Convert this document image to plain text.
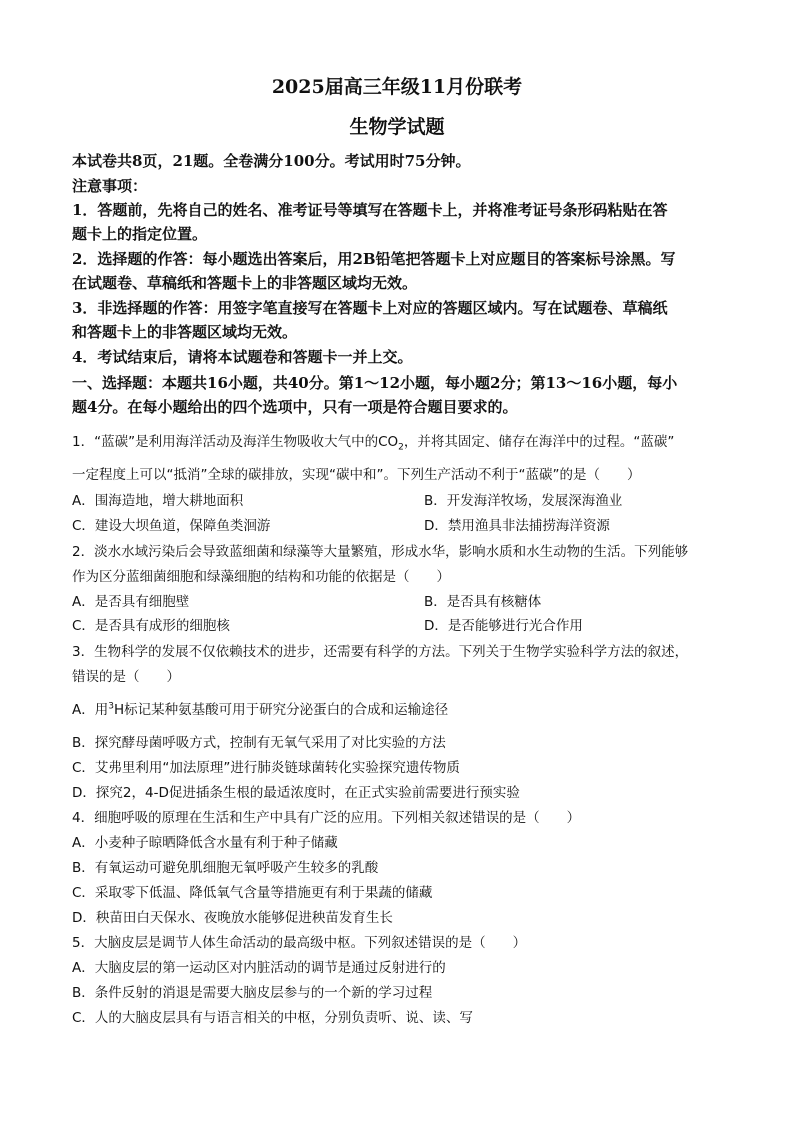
2025届高三年级11月份联考
生物学试题
本试卷共8页，21题。全卷满分100分。考试用时75分钟。
注意事项：
1．答题前，先将自己的姓名、准考证号等填写在答题卡上，并将准考证号条形码粘贴在答
题卡上的指定位置。
2．选择题的作答：每小题选出答案后，用2B铅笔把答题卡上对应题目的答案标号涂黑。写
在试题卷、草稿纸和答题卡上的非答题区域均无效。
3．非选择题的作答：用签字笔直接写在答题卡上对应的答题区域内。写在试题卷、草稿纸
和答题卡上的非答题区域均无效。
4．考试结束后，请将本试题卷和答题卡一并上交。
一、选择题：本题共16小题，共40分。第1～12小题，每小题2分；第13～16小题，每小
题4分。在每小题给出的四个选项中，只有一项是符合题目要求的。
1．“蓝碳”是利用海洋活动及海洋生物吸收大气中的$CO_2$，并将其固定、储存在海洋中的过程。“蓝碳”
一定程度上可以“抵消”全球的碳排放，实现“碳中和”。下列生产活动不利于“蓝碳”的是（　　）
A．围海造地，增大耕地面积	B．开发海洋牧场，发展深海渔业
C．建设大坝鱼道，保障鱼类洄游	D．禁用渔具非法捕捞海洋资源
2．淡水水域污染后会导致蓝细菌和绿藻等大量繁殖，形成水华，影响水质和水生动物的生活。下列能够
作为区分蓝细菌细胞和绿藻细胞的结构和功能的依据是（　　）
A．是否具有细胞壁	B．是否具有核糖体
C．是否具有成形的细胞核	D．是否能够进行光合作用
3．生物科学的发展不仅依赖技术的进步，还需要有科学的方法。下列关于生物学实验科学方法的叙述，
错误的是（　　）
A．用$^3$H标记某种氨基酸可用于研究分泌蛋白的合成和运输途径
B．探究酵母菌呼吸方式，控制有无氧气采用了对比实验的方法
C．艾弗里利用“加法原理”进行肺炎链球菌转化实验探究遗传物质
D．探究2，4-D促进插条生根的最适浓度时，在正式实验前需要进行预实验
4．细胞呼吸的原理在生活和生产中具有广泛的应用。下列相关叙述错误的是（　　）
A．小麦种子晾晒降低含水量有利于种子储藏
B．有氧运动可避免肌细胞无氧呼吸产生较多的乳酸
C．采取零下低温、降低氧气含量等措施更有利于果蔬的储藏
D．秧苗田白天保水、夜晚放水能够促进秧苗发育生长
5．大脑皮层是调节人体生命活动的最高级中枢。下列叙述错误的是（　　）
A．大脑皮层的第一运动区对内脏活动的调节是通过反射进行的
B．条件反射的消退是需要大脑皮层参与的一个新的学习过程
C．人的大脑皮层具有与语言相关的中枢，分别负责听、说、读、写
